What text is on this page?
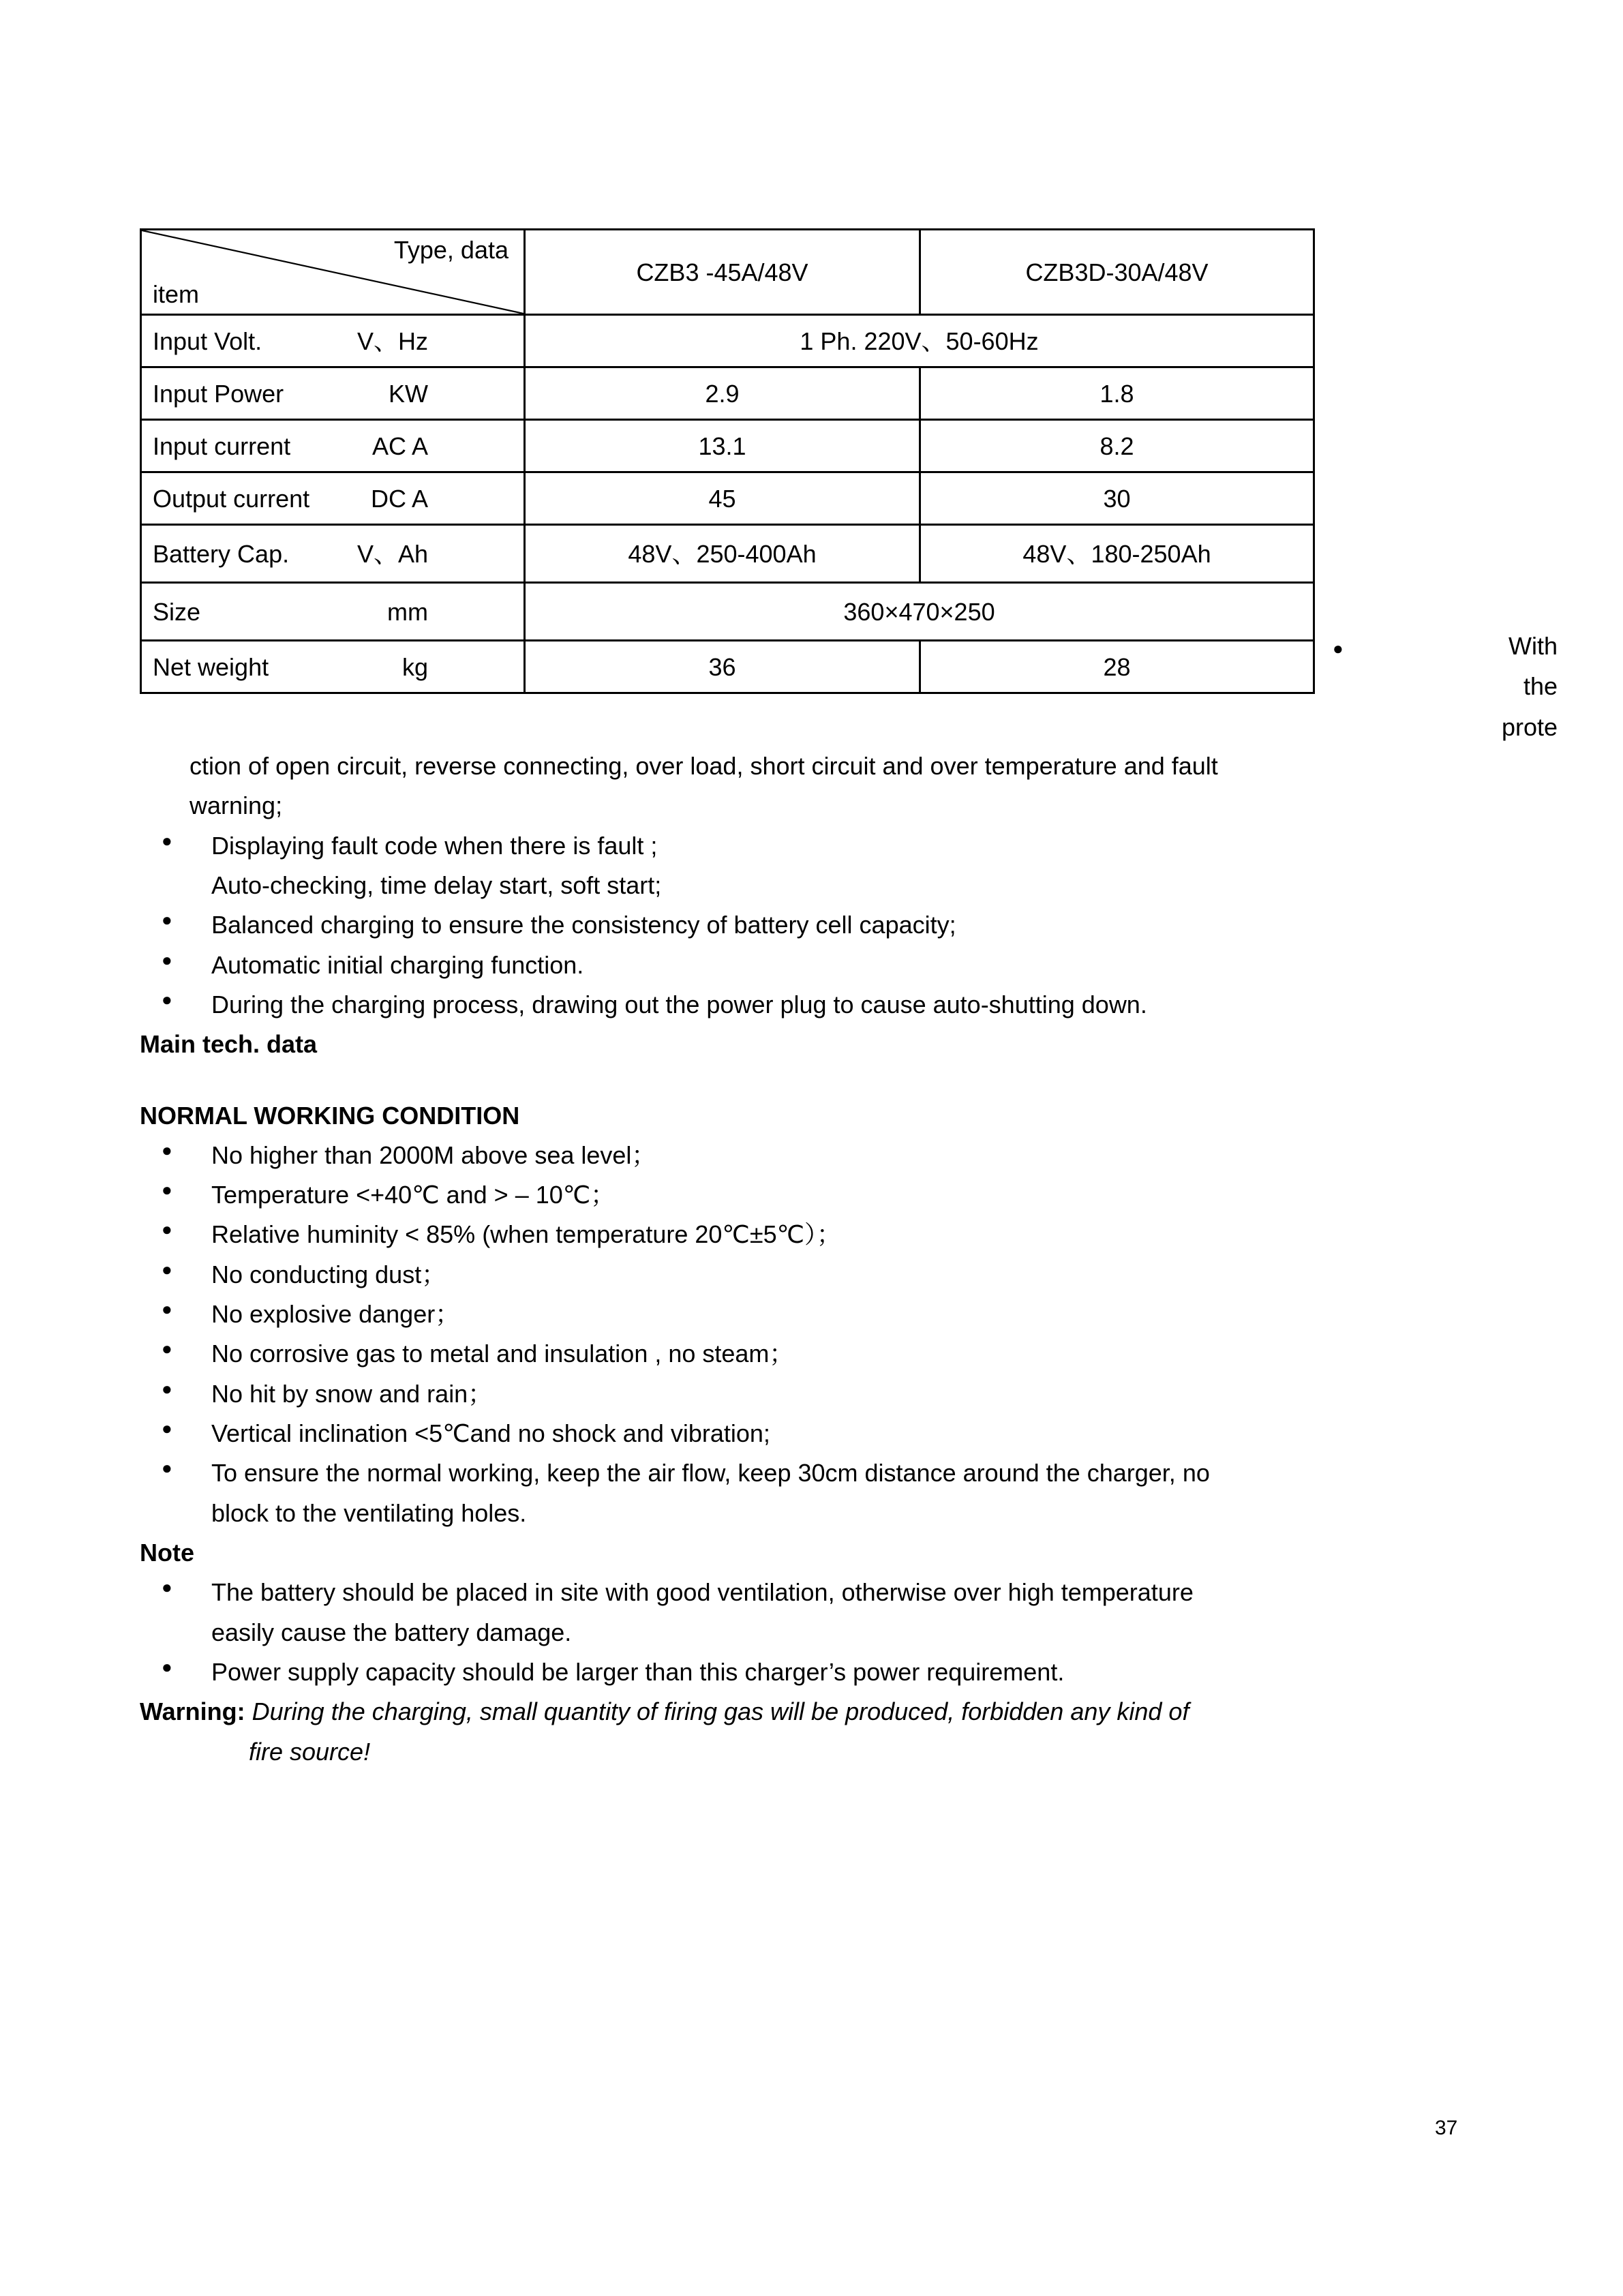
Type, data
item	CZB3 -45A/48V	CZB3D-30A/48V

Input Volt. V、Hz	1 Ph. 220V、50-60Hz	

Input Power KW	2.9	1.8

Input current AC A	13.1	8.2

Output current DC A	45	30

Battery Cap. V、Ah	48V、250-400Ah	48V、180-250Ah

Size mm	360×470×250	

Net weight kg	36	28
●	With
the
prote
ction of open circuit, reverse connecting, over load, short circuit and over temperature and fault
warning;
● Displaying fault code when there is fault ;
Auto-checking, time delay start, soft start;
● Balanced charging to ensure the consistency of battery cell capacity;
● Automatic initial charging function.
● During the charging process, drawing out the power plug to cause auto-shutting down.
Main tech. data
NORMAL WORKING CONDITION
● No higher than 2000M above sea level；
● Temperature <+40℃ and > – 10℃；
● Relative huminity < 85% (when temperature 20℃±5℃）；
● No conducting dust；
● No explosive danger；
● No corrosive gas to metal and insulation , no steam；
● No hit by snow and rain；
● Vertical inclination <5℃and no shock and vibration;
● To ensure the normal working, keep the air flow, keep 30cm distance around the charger, no
block to the ventilating holes.
Note
● The battery should be placed in site with good ventilation, otherwise over high temperature
easily cause the battery damage.
● Power supply capacity should be larger than this charger’s power requirement.
Warning: During the charging, small quantity of firing gas will be produced, forbidden any kind of
fire source!
37
